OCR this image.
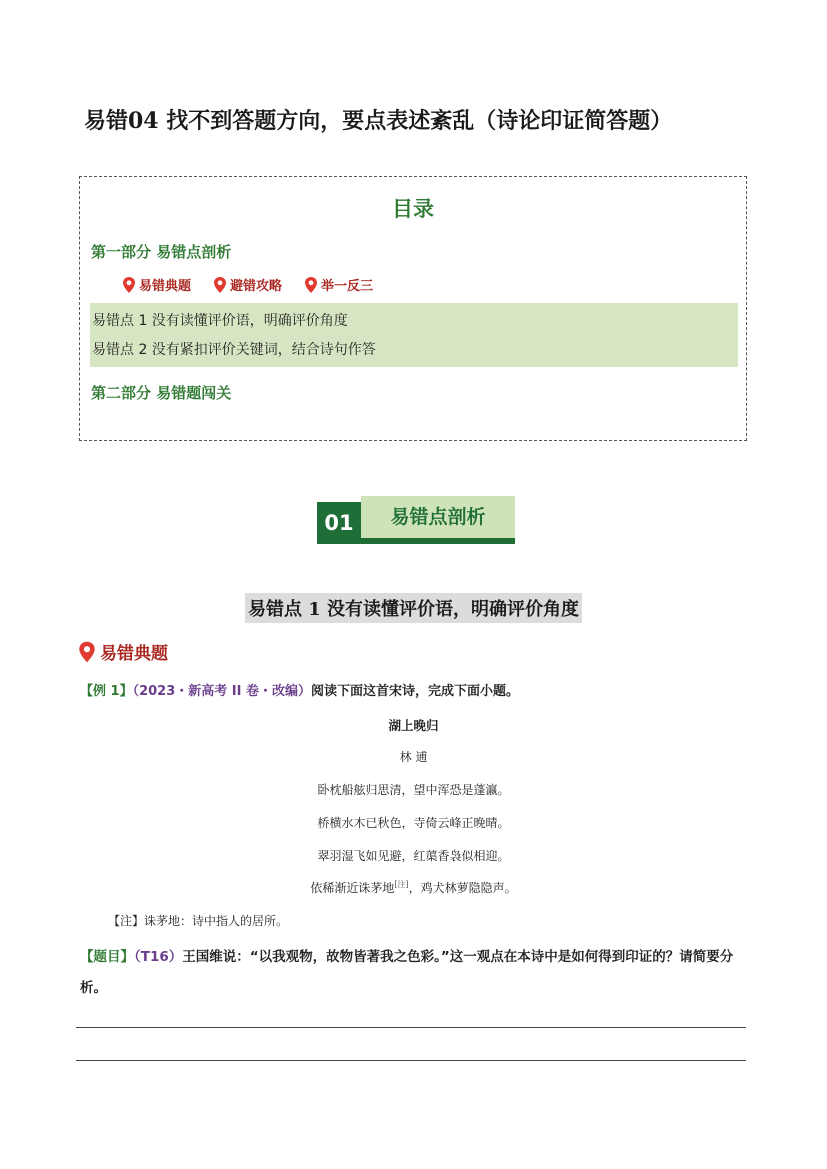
易错04 找不到答题方向，要点表述紊乱（诗论印证简答题）
目录
第一部分 易错点剖析
易错典题	避错攻略	举一反三
易错点 1 没有读懂评价语，明确评价角度
易错点 2 没有紧扣评价关键词，结合诗句作答
第二部分 易错题闯关
01	易错点剖析
易错点 1 没有读懂评价语，明确评价角度
易错典题
【例 1】（2023・新高考 II 卷・改编）阅读下面这首宋诗，完成下面小题。
湖上晚归
林 逋
卧枕船舷归思清，望中浑恐是蓬瀛。
桥横水木已秋色，寺倚云峰正晚晴。
翠羽湿飞如见避，红蕖香袅似相迎。
依稀渐近诛茅地[注]，鸡犬林萝隐隐声。
【注】诛茅地：诗中指人的居所。
【题目】（T16）王国维说：“以我观物，故物皆著我之色彩。”这一观点在本诗中是如何得到印证的？请简要分析。
